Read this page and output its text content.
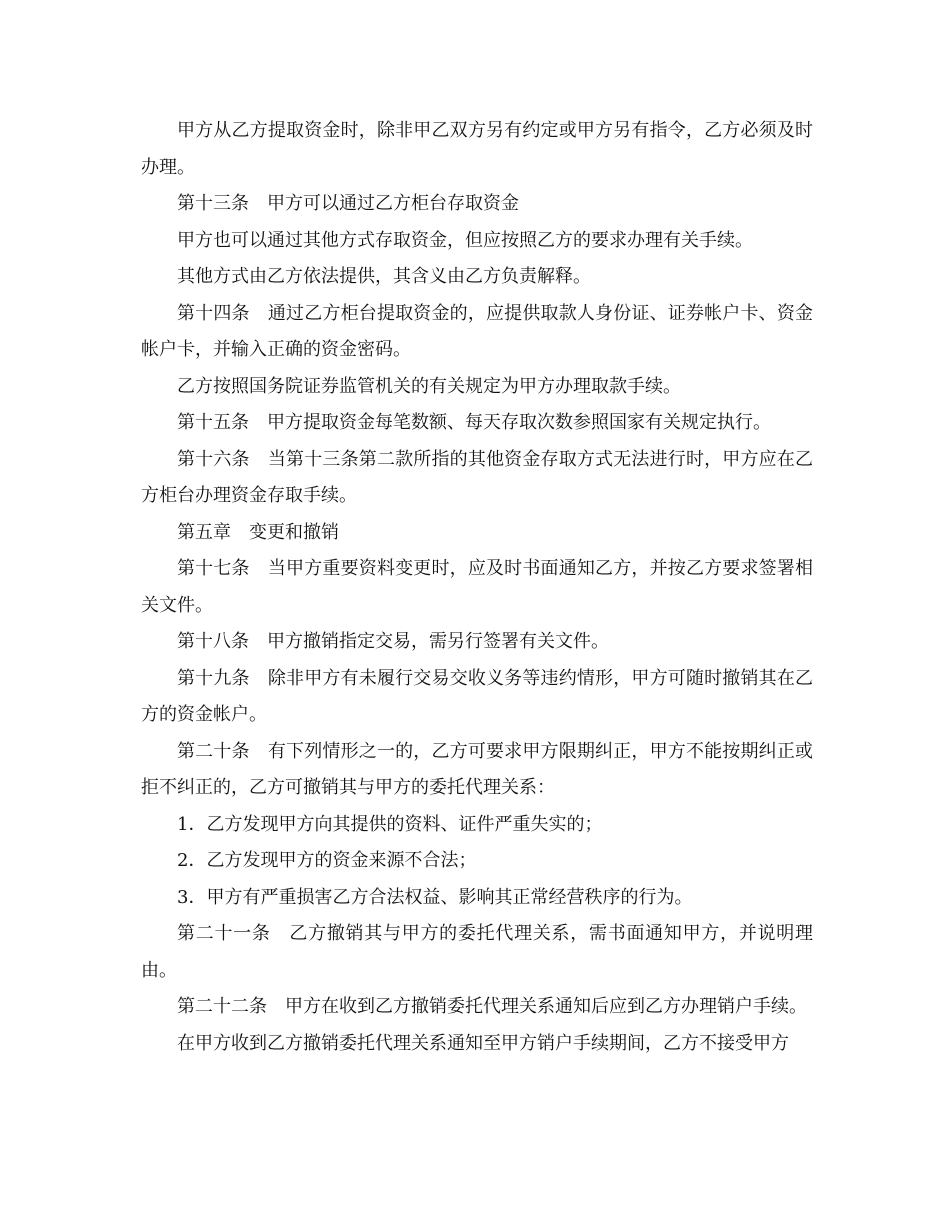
甲方从乙方提取资金时，除非甲乙双方另有约定或甲方另有指令，乙方必须及时办理。

第十三条　甲方可以通过乙方柜台存取资金

甲方也可以通过其他方式存取资金，但应按照乙方的要求办理有关手续。

其他方式由乙方依法提供，其含义由乙方负责解释。

第十四条　通过乙方柜台提取资金的，应提供取款人身份证、证券帐户卡、资金帐户卡，并输入正确的资金密码。

乙方按照国务院证券监管机关的有关规定为甲方办理取款手续。

第十五条　甲方提取资金每笔数额、每天存取次数参照国家有关规定执行。

第十六条　当第十三条第二款所指的其他资金存取方式无法进行时，甲方应在乙方柜台办理资金存取手续。

第五章　变更和撤销

第十七条　当甲方重要资料变更时，应及时书面通知乙方，并按乙方要求签署相关文件。

第十八条　甲方撤销指定交易，需另行签署有关文件。

第十九条　除非甲方有未履行交易交收义务等违约情形，甲方可随时撤销其在乙方的资金帐户。

第二十条　有下列情形之一的，乙方可要求甲方限期纠正，甲方不能按期纠正或拒不纠正的，乙方可撤销其与甲方的委托代理关系：

1．乙方发现甲方向其提供的资料、证件严重失实的；

2．乙方发现甲方的资金来源不合法；

3．甲方有严重损害乙方合法权益、影响其正常经营秩序的行为。

第二十一条　乙方撤销其与甲方的委托代理关系，需书面通知甲方，并说明理由。

第二十二条　甲方在收到乙方撤销委托代理关系通知后应到乙方办理销户手续。

在甲方收到乙方撤销委托代理关系通知至甲方销户手续期间，乙方不接受甲方
